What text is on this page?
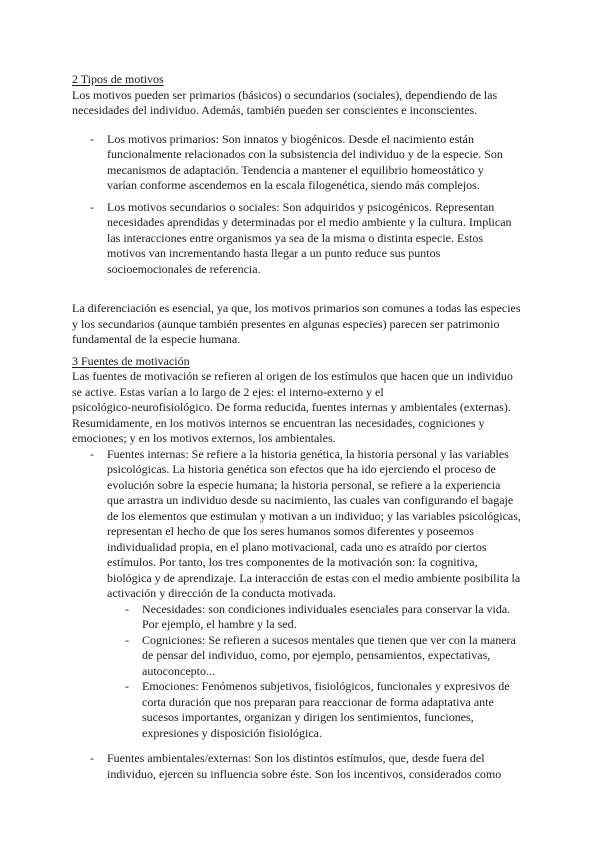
2 Tipos de motivos
Los motivos pueden ser primarios (básicos) o secundarios (sociales), dependiendo de las
necesidades del individuo. Además, también pueden ser conscientes e inconscientes.
-	Los motivos primarios: Son innatos y biogénicos. Desde el nacimiento están
funcionalmente relacionados con la subsistencia del individuo y de la especie. Son
mecanismos de adaptación. Tendencia a mantener el equilibrio homeostático y
varían conforme ascendemos en la escala filogenética, siendo más complejos.
-	Los motivos secundarios o sociales: Son adquiridos y psicogénicos. Representan
necesidades aprendidas y determinadas por el medio ambiente y la cultura. Implican
las interacciones entre organismos ya sea de la misma o distinta especie. Estos
motivos van incrementando hasta llegar a un punto reduce sus puntos
socioemocionales de referencia.
La diferenciación es esencial, ya que, los motivos primarios son comunes a todas las especies
y los secundarios (aunque también presentes en algunas especies) parecen ser patrimonio
fundamental de la especie humana.
3 Fuentes de motivación
Las fuentes de motivación se refieren al origen de los estímulos que hacen que un individuo
se active. Estas varían a lo largo de 2 ejes: el interno-externo y el
psicológico-neurofisiológico. De forma reducida, fuentes internas y ambientales (externas).
Resumidamente, en los motivos internos se encuentran las necesidades, cogniciones y
emociones; y en los motivos externos, los ambientales.
-	Fuentes internas: Se refiere a la historia genética, la historia personal y las variables
psicológicas. La historia genética son efectos que ha ido ejerciendo el proceso de
evolución sobre la especie humana; la historia personal, se refiere a la experiencia
que arrastra un individuo desde su nacimiento, las cuales van configurando el bagaje
de los elementos que estimulan y motivan a un individuo; y las variables psicológicas,
representan el hecho de que los seres humanos somos diferentes y poseemos
individualidad propia, en el plano motivacional, cada uno es atraído por ciertos
estímulos. Por tanto, los tres componentes de la motivación son: la cognitiva,
biológica y de aprendizaje. La interacción de estas con el medio ambiente posibilita la
activación y dirección de la conducta motivada.
-	Necesidades: son condiciones individuales esenciales para conservar la vida.
Por ejemplo, el hambre y la sed.
-	Cogniciones: Se refieren a sucesos mentales que tienen que ver con la manera
de pensar del individuo, como, por ejemplo, pensamientos, expectativas,
autoconcepto...
-	Emociones: Fenómenos subjetivos, fisiológicos, funcionales y expresivos de
corta duración que nos preparan para reaccionar de forma adaptativa ante
sucesos importantes, organizan y dirigen los sentimientos, funciones,
expresiones y disposición fisiológica.
-	Fuentes ambientales/externas: Son los distintos estímulos, que, desde fuera del
individuo, ejercen su influencia sobre éste. Son los incentivos, considerados como
